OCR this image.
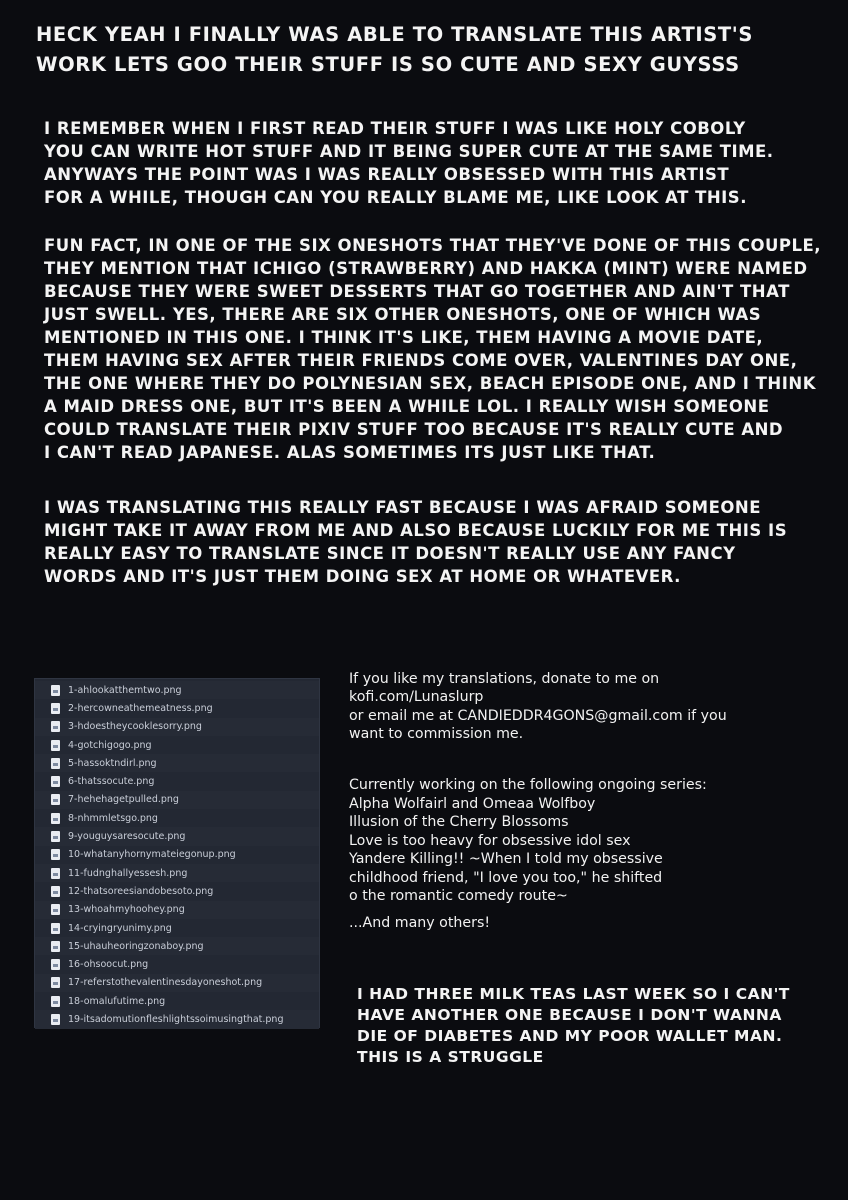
HECK YEAH I FINALLY WAS ABLE TO TRANSLATE THIS ARTIST'S
WORK LETS GOO THEIR STUFF IS SO CUTE AND SEXY GUYSSS
I REMEMBER WHEN I FIRST READ THEIR STUFF I WAS LIKE HOLY COBOLY
YOU CAN WRITE HOT STUFF AND IT BEING SUPER CUTE AT THE SAME TIME.
ANYWAYS THE POINT WAS I WAS REALLY OBSESSED WITH THIS ARTIST
FOR A WHILE, THOUGH CAN YOU REALLY BLAME ME, LIKE LOOK AT THIS.
FUN FACT, IN ONE OF THE SIX ONESHOTS THAT THEY'VE DONE OF THIS COUPLE,
THEY MENTION THAT ICHIGO (STRAWBERRY) AND HAKKA (MINT) WERE NAMED
BECAUSE THEY WERE SWEET DESSERTS THAT GO TOGETHER AND AIN'T THAT
JUST SWELL. YES, THERE ARE SIX OTHER ONESHOTS, ONE OF WHICH WAS
MENTIONED IN THIS ONE. I THINK IT'S LIKE, THEM HAVING A MOVIE DATE,
THEM HAVING SEX AFTER THEIR FRIENDS COME OVER, VALENTINES DAY ONE,
THE ONE WHERE THEY DO POLYNESIAN SEX, BEACH EPISODE ONE, AND I THINK
A MAID DRESS ONE, BUT IT'S BEEN A WHILE LOL. I REALLY WISH SOMEONE
COULD TRANSLATE THEIR PIXIV STUFF TOO BECAUSE IT'S REALLY CUTE AND
I CAN'T READ JAPANESE. ALAS SOMETIMES ITS JUST LIKE THAT.
I WAS TRANSLATING THIS REALLY FAST BECAUSE I WAS AFRAID SOMEONE
MIGHT TAKE IT AWAY FROM ME AND ALSO BECAUSE LUCKILY FOR ME THIS IS
REALLY EASY TO TRANSLATE SINCE IT DOESN'T REALLY USE ANY FANCY
WORDS AND IT'S JUST THEM DOING SEX AT HOME OR WHATEVER.
1-ahlookatthemtwo.png
2-hercowneathemeatness.png
3-hdoestheycooklesorry.png
4-gotchigogo.png
5-hassoktndirl.png
6-thatssocute.png
7-hehehagetpulled.png
8-nhmmletsgo.png
9-youguysaresocute.png
10-whatanyhornymateiegonup.png
11-fudnghallyessesh.png
12-thatsoreesiandobesoto.png
13-whoahmyhoohey.png
14-cryingryunimy.png
15-uhauheoringzonaboy.png
16-ohsoocut.png
17-referstothevalentinesdayoneshot.png
18-omalufutime.png
19-itsadomutionfleshlightssoimusingthat.png

If you like my translations, donate to me on
kofi.com/Lunaslurp
or email me at CANDIEDDR4GONS@gmail.com if you
want to commission me.

Currently working on the following ongoing series:
Alpha Wolfairl and Omeaa Wolfboy
Illusion of the Cherry Blossoms
Love is too heavy for obsessive idol sex
Yandere Killing!! ~When I told my obsessive
childhood friend, "I love you too," he shifted
o the romantic comedy route~

...And many others!

I HAD THREE MILK TEAS LAST WEEK SO I CAN'T
HAVE ANOTHER ONE BECAUSE I DON'T WANNA
DIE OF DIABETES AND MY POOR WALLET MAN.
THIS IS A STRUGGLE
